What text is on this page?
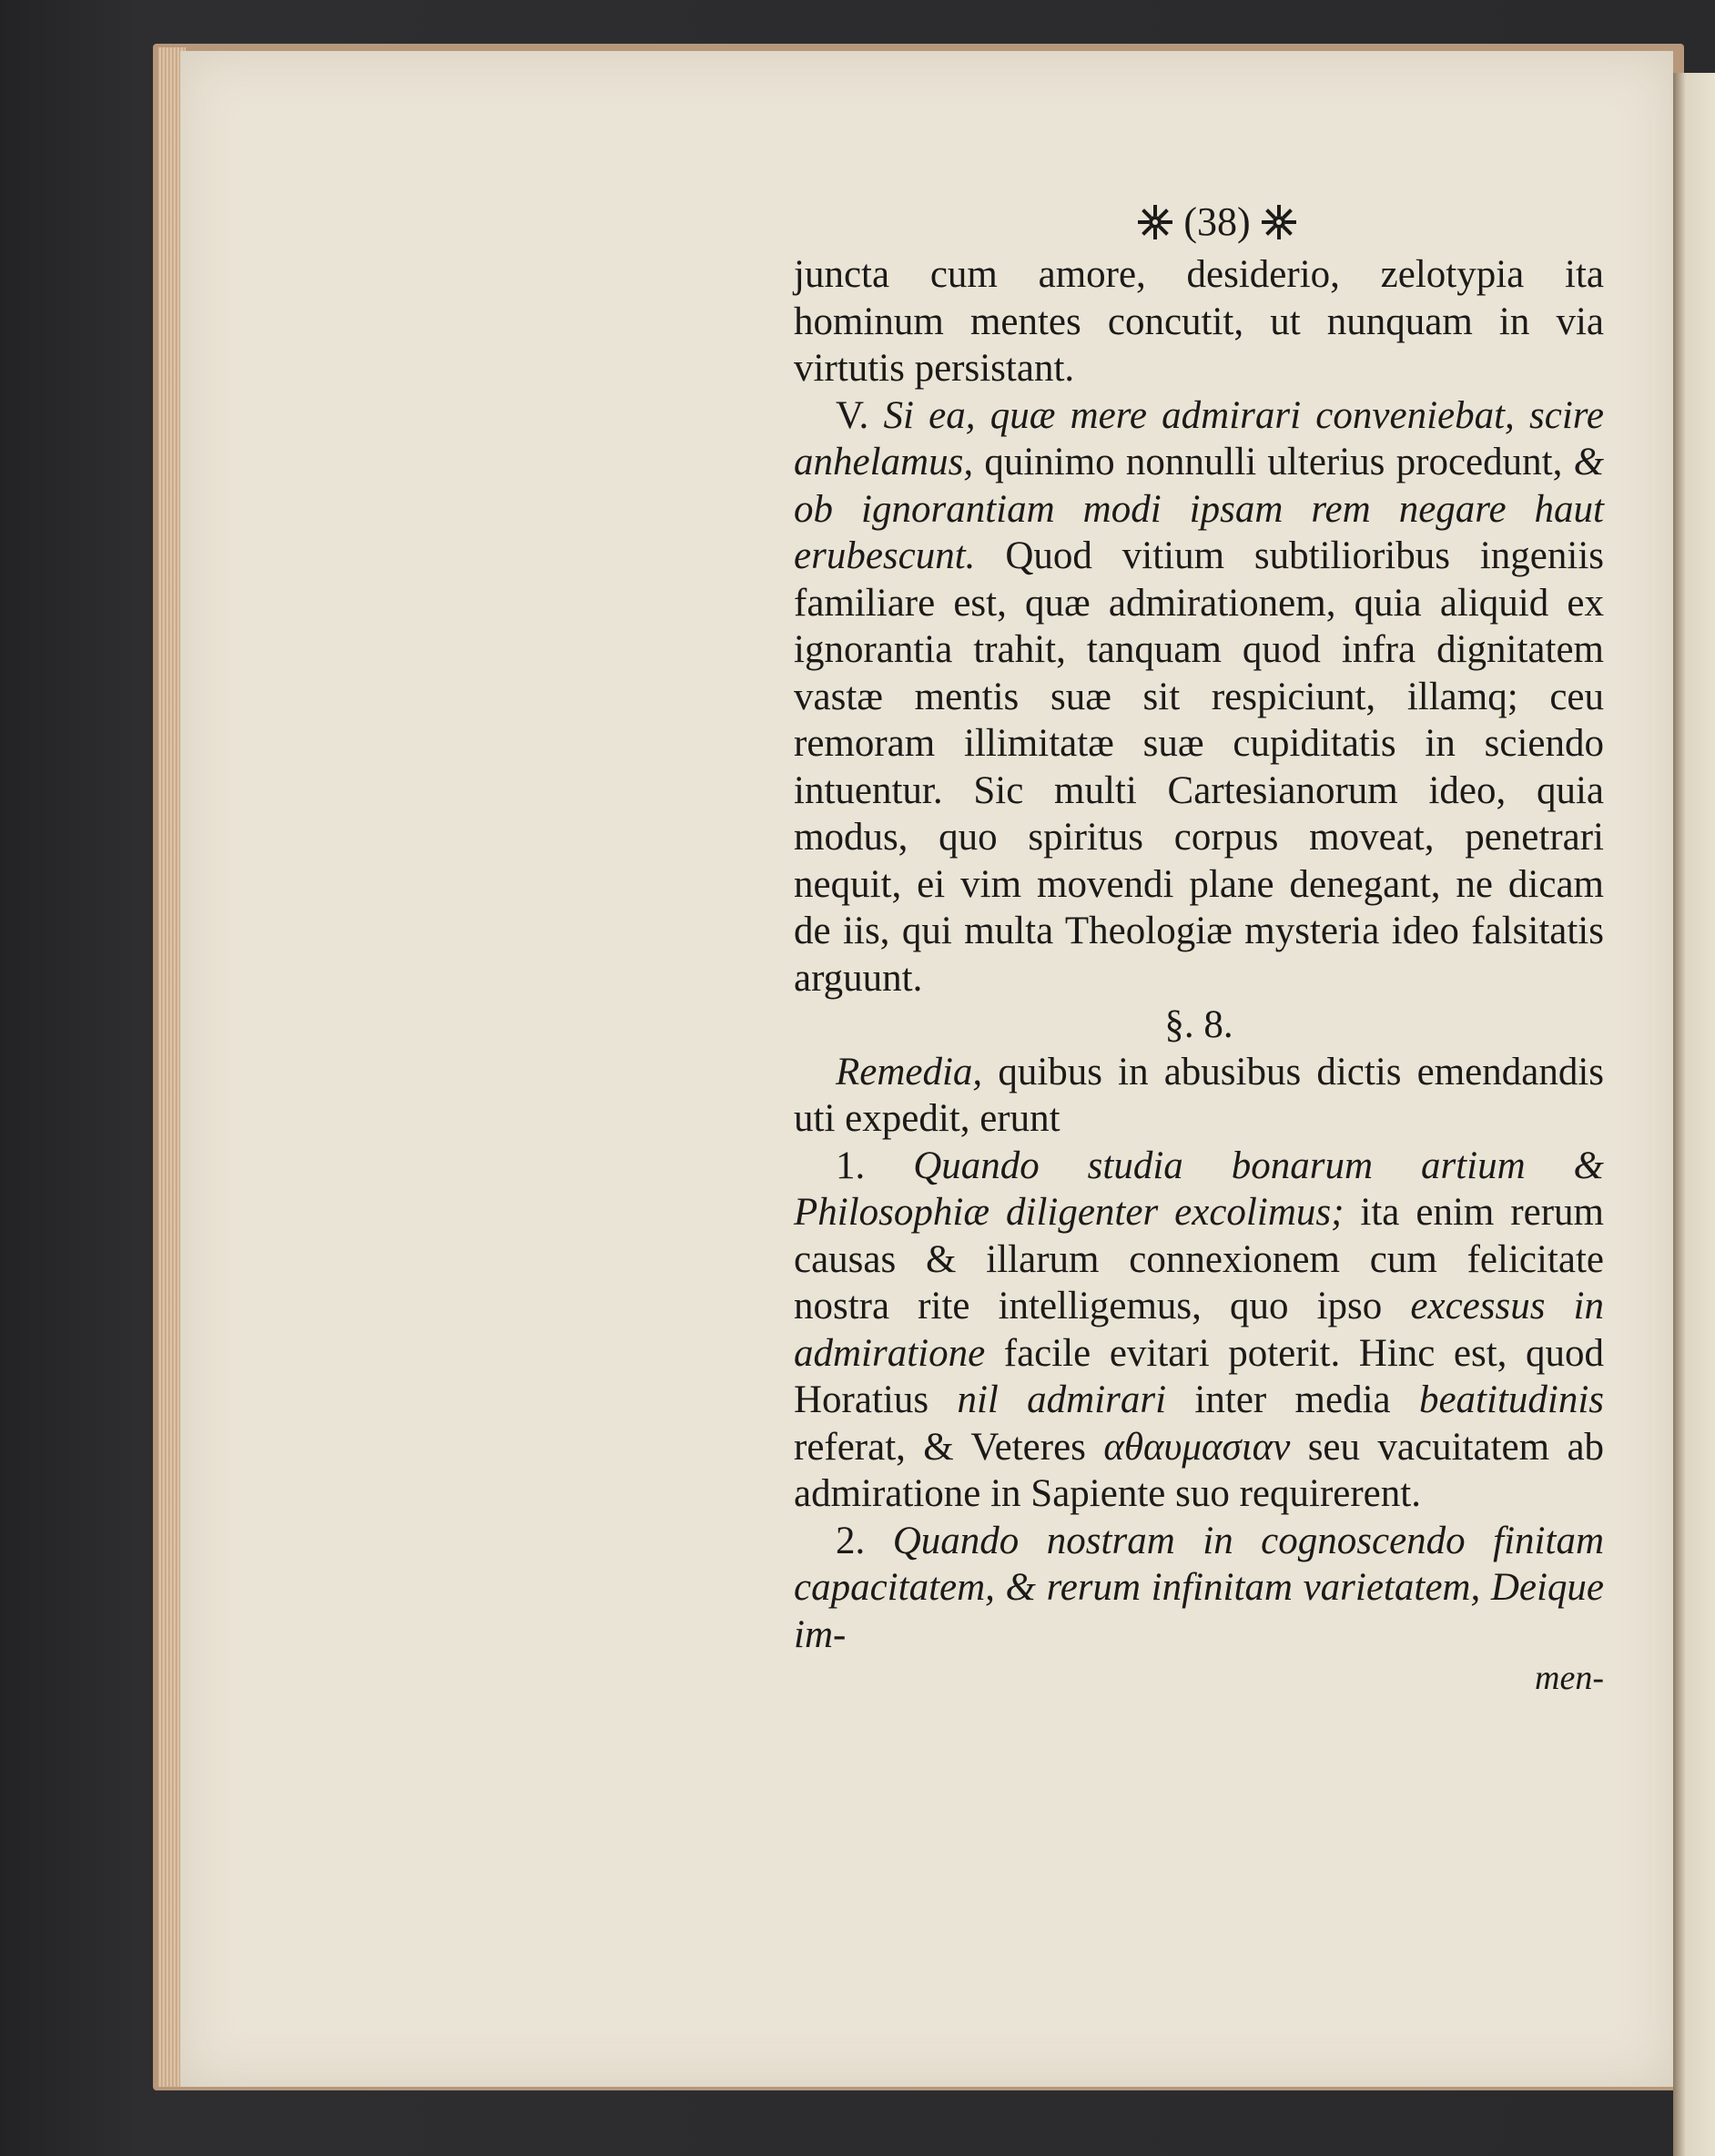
(38)

juncta cum amore, desiderio, zelotypia ita hominum mentes concutit, ut nunquam in via virtutis persistant.

V. Si ea, quæ mere admirari conveniebat, scire anhelamus, quinimo nonnulli ulterius procedunt, & ob ignorantiam modi ipsam rem negare haut erubescunt. Quod vitium subtilioribus ingeniis familiare est, quæ admirationem, quia aliquid ex ignorantia trahit, tanquam quod infra dignitatem vastæ mentis suæ sit respiciunt, illamq; ceu remoram illimitatæ suæ cupiditatis in sciendo intuentur. Sic multi Cartesianorum ideo, quia modus, quo spiritus corpus moveat, penetrari nequit, ei vim movendi plane denegant, ne dicam de iis, qui multa Theologiæ mysteria ideo falsitatis arguunt.

§. 8.

Remedia, quibus in abusibus dictis emendandis uti expedit, erunt

1. Quando studia bonarum artium & Philosophiæ diligenter excolimus; ita enim rerum causas & illarum connexionem cum felicitate nostra rite intelligemus, quo ipso excessus in admiratione facile evitari poterit. Hinc est, quod Horatius nil admirari inter media beatitudinis referat, & Veteres αθαυμασιαν seu vacuitatem ab admiratione in Sapiente suo requirerent.

2. Quando nostram in cognoscendo finitam capacitatem, & rerum infinitam varietatem, Deique im-

men-
